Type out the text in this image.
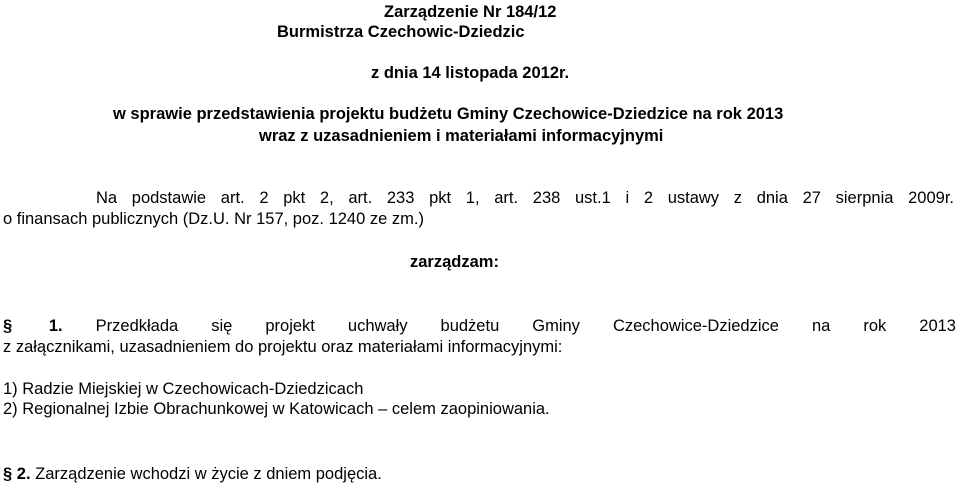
Zarządzenie Nr 184/12
Burmistrza Czechowic-Dziedzic
z dnia 14 listopada 2012r.
w sprawie przedstawienia projektu budżetu Gminy Czechowice-Dziedzice na rok 2013
wraz z uzasadnieniem i materiałami informacyjnymi
Na podstawie art. 2 pkt 2, art. 233 pkt 1, art. 238 ust.1 i 2 ustawy z dnia 27 sierpnia 2009r.
o finansach publicznych (Dz.U. Nr 157, poz. 1240 ze zm.)
zarządzam:
§ 1. Przedkłada się projekt uchwały budżetu Gminy Czechowice-Dziedzice na rok 2013
z załącznikami, uzasadnieniem do projektu oraz materiałami informacyjnymi:
1) Radzie Miejskiej w Czechowicach-Dziedzicach
2) Regionalnej Izbie Obrachunkowej w Katowicach – celem zaopiniowania.
§ 2. Zarządzenie wchodzi w życie z dniem podjęcia.
